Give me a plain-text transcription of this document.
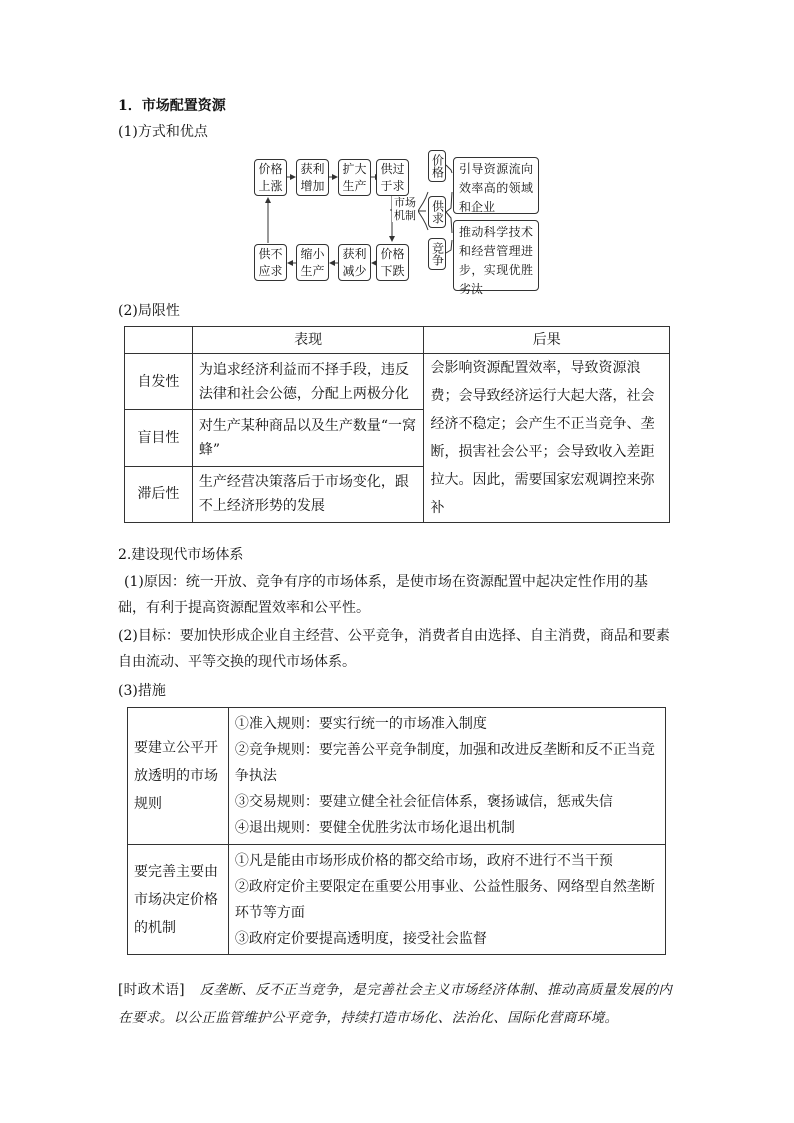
1．市场配置资源
(1)方式和优点
价格上涨
获利增加
扩大生产
供过于求
价格下跌
获利减少
缩小生产
供不应求
市场机制
价格
供求
竞争
引导资源流向效率高的领域和企业
推动科学技术和经营管理进步，实现优胜劣汰
(2)局限性
	表现	后果
自发性	为追求经济利益而不择手段，违反法律和社会公德，分配上两极分化	会影响资源配置效率，导致资源浪费；会导致经济运行大起大落，社会经济不稳定；会产生不正当竞争、垄断，损害社会公平；会导致收入差距拉大。因此，需要国家宏观调控来弥补
盲目性	对生产某种商品以及生产数量“一窝蜂”	
滞后性	生产经营决策落后于市场变化，跟不上经济形势的发展	
2.建设现代市场体系
(1)原因：统一开放、竞争有序的市场体系，是使市场在资源配置中起决定性作用的基础，有利于提高资源配置效率和公平性。
(2)目标：要加快形成企业自主经营、公平竞争，消费者自由选择、自主消费，商品和要素自由流动、平等交换的现代市场体系。
(3)措施
要建立公平开放透明的市场规则	①准入规则：要实行统一的市场准入制度
②竞争规则：要完善公平竞争制度，加强和改进反垄断和反不正当竞争执法
③交易规则：要建立健全社会征信体系，褒扬诚信，惩戒失信
④退出规则：要健全优胜劣汰市场化退出机制

要完善主要由市场决定价格的机制	①凡是能由市场形成价格的都交给市场，政府不进行不当干预
②政府定价主要限定在重要公用事业、公益性服务、网络型自然垄断环节等方面
③政府定价要提高透明度，接受社会监督
[时政术语] 反垄断、反不正当竞争，是完善社会主义市场经济体制、推动高质量发展的内在要求。以公正监管维护公平竞争，持续打造市场化、法治化、国际化营商环境。
